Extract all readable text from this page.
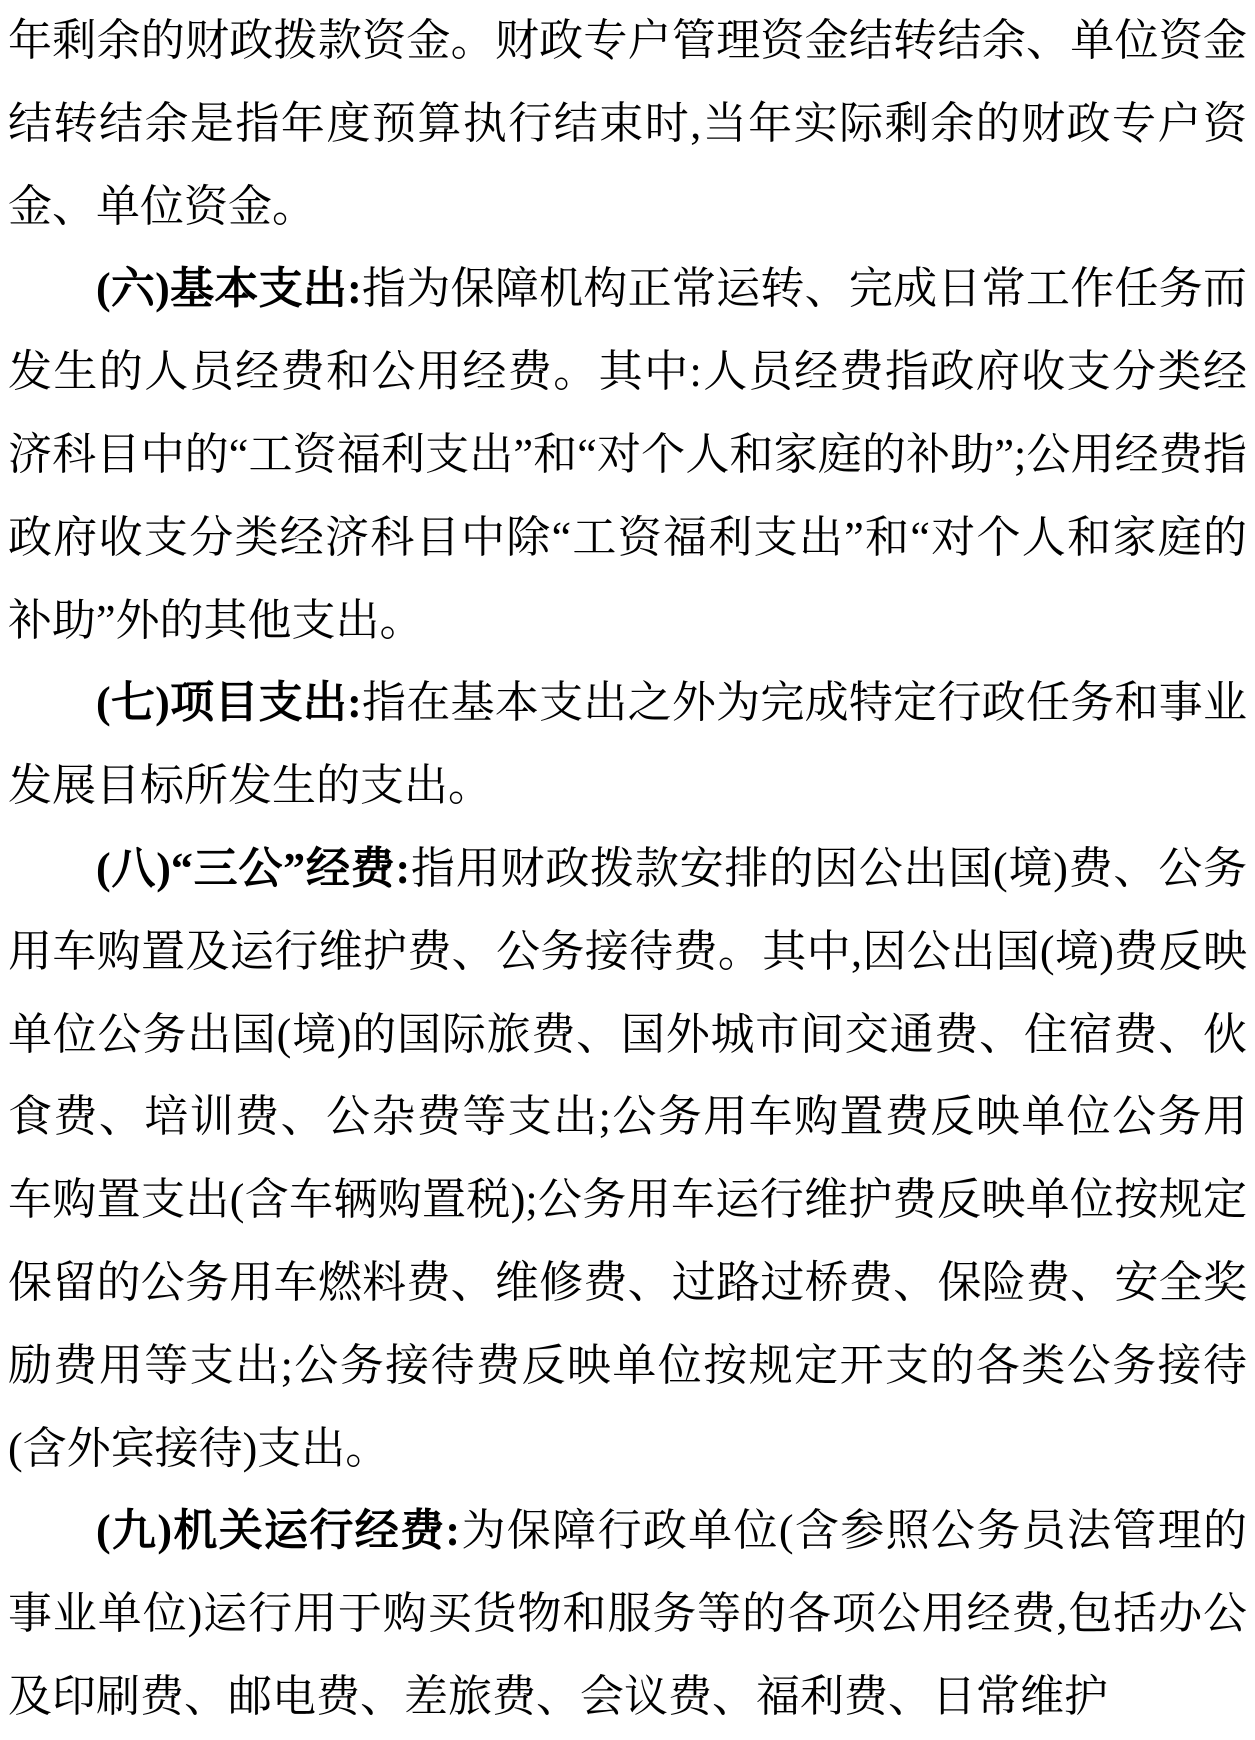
年剩余的财政拨款资金。财政专户管理资金结转结余、单位资金结转结余是指年度预算执行结束时,当年实际剩余的财政专户资金、单位资金。

(六)基本支出:指为保障机构正常运转、完成日常工作任务而发生的人员经费和公用经费。其中:人员经费指政府收支分类经济科目中的“工资福利支出”和“对个人和家庭的补助”;公用经费指政府收支分类经济科目中除“工资福利支出”和“对个人和家庭的补助”外的其他支出。

(七)项目支出:指在基本支出之外为完成特定行政任务和事业发展目标所发生的支出。

(八)“三公”经费:指用财政拨款安排的因公出国(境)费、公务用车购置及运行维护费、公务接待费。其中,因公出国(境)费反映单位公务出国(境)的国际旅费、国外城市间交通费、住宿费、伙食费、培训费、公杂费等支出;公务用车购置费反映单位公务用车购置支出(含车辆购置税);公务用车运行维护费反映单位按规定保留的公务用车燃料费、维修费、过路过桥费、保险费、安全奖励费用等支出;公务接待费反映单位按规定开支的各类公务接待(含外宾接待)支出。

(九)机关运行经费:为保障行政单位(含参照公务员法管理的事业单位)运行用于购买货物和服务等的各项公用经费,包括办公及印刷费、邮电费、差旅费、会议费、福利费、日常维护
